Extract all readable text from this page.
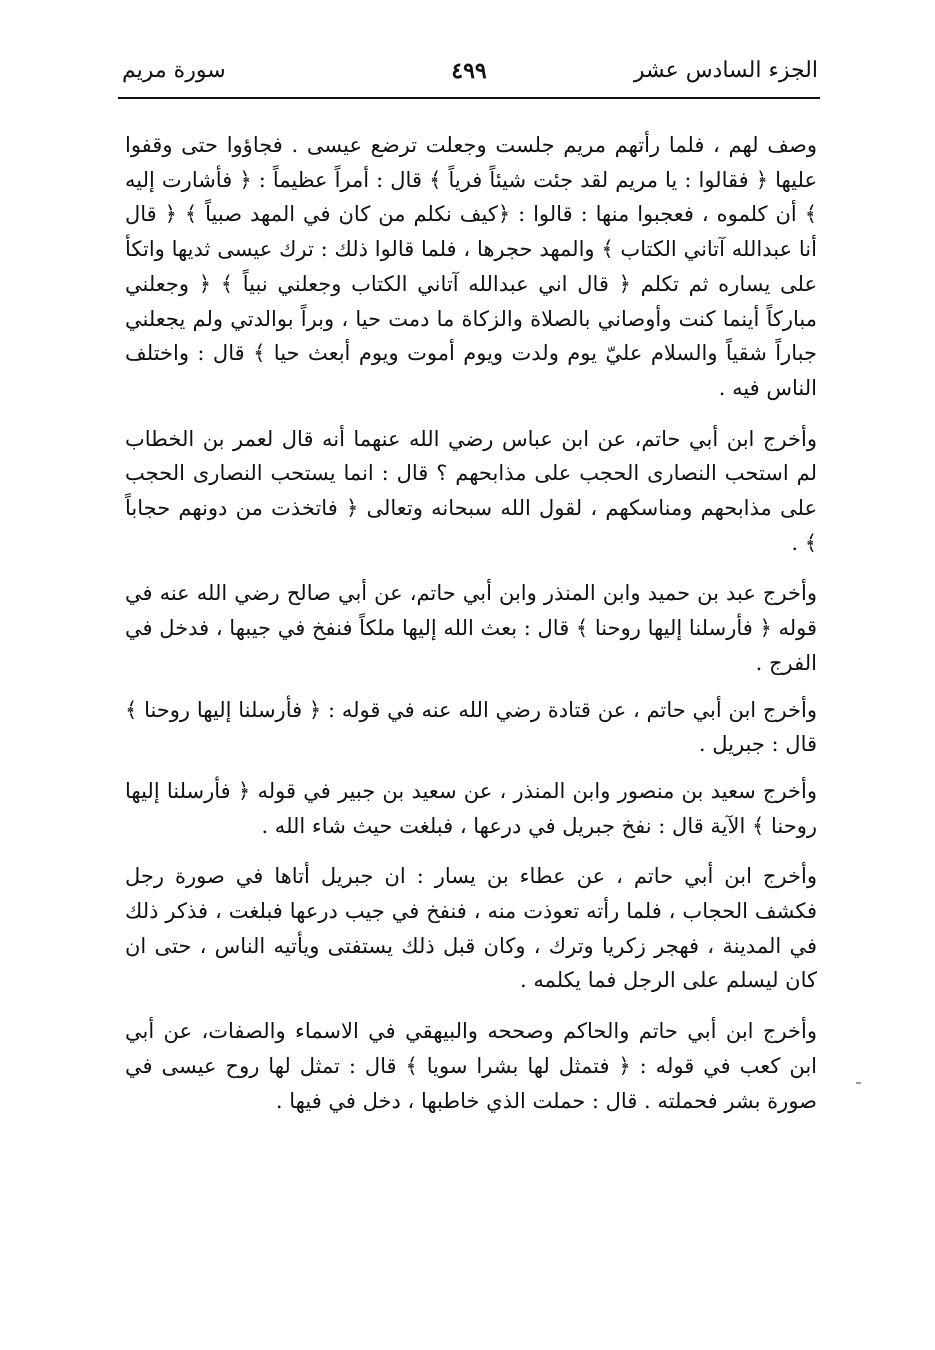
الجزء السادس عشر
٤٩٩
سورة مريم

وصف لهم ، فلما رأتهم مريم جلست وجعلت ترضع عيسى . فجاؤوا حتى وقفوا عليها ﴿ فقالوا : يا مريم لقد جئت شيئاً فرياً ﴾ قال : أمراً عظيماً : ﴿ فأشارت إليه ﴾ أن كلموه ، فعجبوا منها : قالوا : ﴿كيف نكلم من كان في المهد صبياً ﴾ ﴿ قال أنا عبدالله آتاني الكتاب ﴾ والمهد حجرها ، فلما قالوا ذلك : ترك عيسى ثديها واتكأ على يساره ثم تكلم ﴿ قال اني عبدالله آتاني الكتاب وجعلني نبياً ﴾ ﴿ وجعلني مباركاً أينما كنت وأوصاني بالصلاة والزكاة ما دمت حيا ، وبراً بوالدتي ولم يجعلني جباراً شقياً والسلام عليّ يوم ولدت ويوم أموت ويوم أبعث حيا ﴾ قال : واختلف الناس فيه .

وأخرج ابن أبي حاتم، عن ابن عباس رضي الله عنهما أنه قال لعمر بن الخطاب لم استحب النصارى الحجب على مذابحهم ؟ قال : انما يستحب النصارى الحجب على مذابحهم ومناسكهم ، لقول الله سبحانه وتعالى ﴿ فاتخذت من دونهم حجاباً ﴾ .

وأخرج عبد بن حميد وابن المنذر وابن أبي حاتم، عن أبي صالح رضي الله عنه في قوله ﴿ فأرسلنا إليها روحنا ﴾ قال : بعث الله إليها ملكاً فنفخ في جيبها ، فدخل في الفرج .

وأخرج ابن أبي حاتم ، عن قتادة رضي الله عنه في قوله : ﴿ فأرسلنا إليها روحنا ﴾ قال : جبريل .

وأخرج سعيد بن منصور وابن المنذر ، عن سعيد بن جبير في قوله ﴿ فأرسلنا إليها روحنا ﴾ الآية قال : نفخ جبريل في درعها ، فبلغت حيث شاء الله .

وأخرج ابن أبي حاتم ، عن عطاء بن يسار : ان جبريل أتاها في صورة رجل فكشف الحجاب ، فلما رأته تعوذت منه ، فنفخ في جيب درعها فبلغت ، فذكر ذلك في المدينة ، فهجر زكريا وترك ، وكان قبل ذلك يستفتى ويأتيه الناس ، حتى ان كان ليسلم على الرجل فما يكلمه .

وأخرج ابن أبي حاتم والحاكم وصححه والبيهقي في الاسماء والصفات، عن أبي ابن كعب في قوله : ﴿ فتمثل لها بشرا سويا ﴾ قال : تمثل لها روح عيسى في صورة بشر فحملته . قال : حملت الذي خاطبها ، دخل في فيها .
